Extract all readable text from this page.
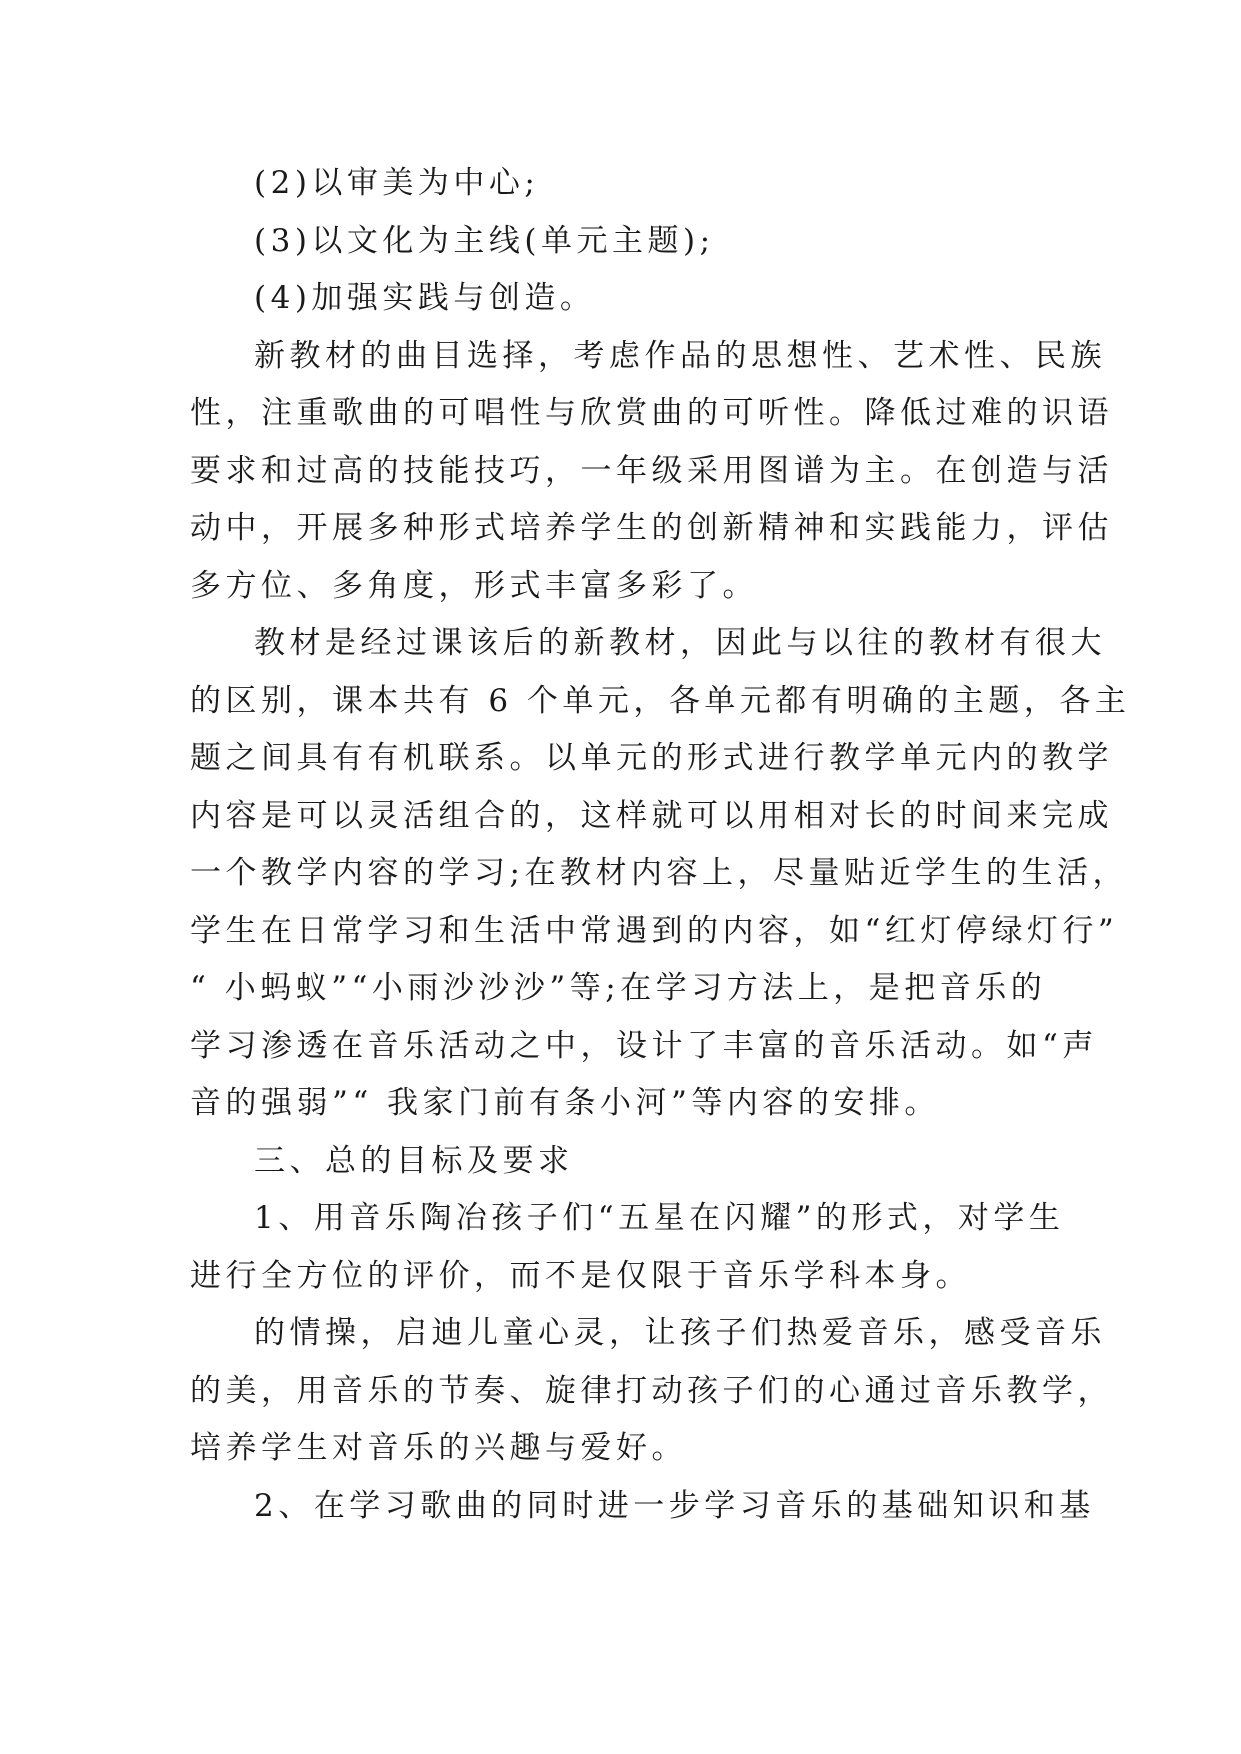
(2)以审美为中心;
(3)以文化为主线(单元主题);
(4)加强实践与创造。
新教材的曲目选择，考虑作品的思想性、艺术性、民族
性，注重歌曲的可唱性与欣赏曲的可听性。降低过难的识语
要求和过高的技能技巧，一年级采用图谱为主。在创造与活
动中，开展多种形式培养学生的创新精神和实践能力，评估
多方位、多角度，形式丰富多彩了。
教材是经过课该后的新教材，因此与以往的教材有很大
的区别，课本共有 6 个单元，各单元都有明确的主题，各主
题之间具有有机联系。以单元的形式进行教学单元内的教学
内容是可以灵活组合的，这样就可以用相对长的时间来完成
一个教学内容的学习;在教材内容上，尽量贴近学生的生活，
学生在日常学习和生活中常遇到的内容，如“红灯停绿灯行”
“ 小蚂蚁”“小雨沙沙沙”等;在学习方法上，是把音乐的
学习渗透在音乐活动之中，设计了丰富的音乐活动。如“声
音的强弱”“ 我家门前有条小河”等内容的安排。
三、总的目标及要求
1、用音乐陶冶孩子们“五星在闪耀”的形式，对学生
进行全方位的评价，而不是仅限于音乐学科本身。
的情操，启迪儿童心灵，让孩子们热爱音乐，感受音乐
的美，用音乐的节奏、旋律打动孩子们的心通过音乐教学，
培养学生对音乐的兴趣与爱好。
2、在学习歌曲的同时进一步学习音乐的基础知识和基
